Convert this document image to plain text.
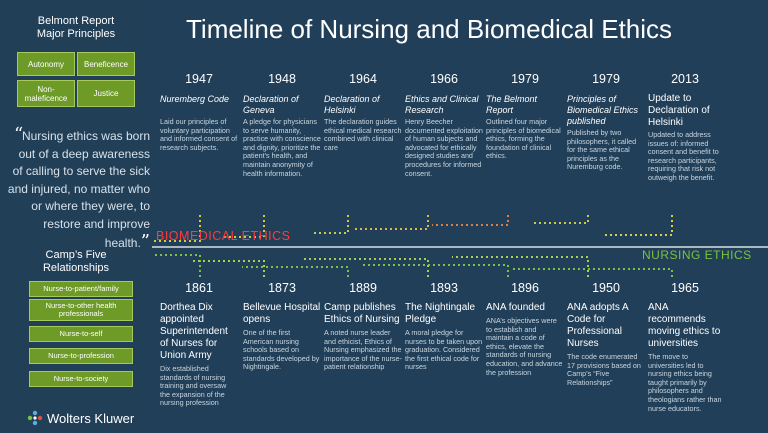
Belmont Report
Major Principles
Autonomy	Beneficence
Non-maleficence	Justice
“
Nursing ethics was born out of a deep awareness of calling to serve the sick and injured, no matter who or where they were, to restore and improve health.”
Camp’s Five
Relationships
Nurse-to-patient/family
Nurse-to-other health professionals
Nurse-to-self
Nurse-to-profession
Nurse-to-society
Wolters Kluwer
Timeline of Nursing and Biomedical Ethics
BIOMEDICAL ETHICS
NURSING ETHICS
1947
Nuremberg Code
Laid our principles of voluntary participation and informed consent of research subjects.
1948
Declaration of Geneva
A pledge for physicians to serve humanity, practice with conscience and dignity, prioritize the patient’s health, and maintain anonymity of health information.
1964
Declaration of Helsinki
The declaration guides ethical medical research combined with clinical care
1966
Ethics and Clinical Research
Henry Beecher documented exploitation of human subjects and advocated for ethically designed studies and procedures for informed consent.
1979
The Belmont Report
Outlined four major principles of biomedical ethics, forming the foundation of clinical ethics.
1979
Principles of Biomedical Ethics published
Published by two philosophers, it called for the same ethical principles as the Nuremburg code.
2013
Update to Declaration of Helsinki
Updated to address issues of: informed consent and benefit to research participants, requiring that risk not outweigh the benefit.
1861
Dorthea Dix appointed Superintendent of Nurses for Union Army
Dix established standards of nursing training and oversaw the expansion of the nursing profession
1873
Bellevue Hospital opens
One of the first American nursing schools based on standards developed by Nightingale.
1889
Camp publishes Ethics of Nursing
A noted nurse leader and ethicist, Ethics of Nursing emphasized the importance of the nurse-patient relationship
1893
The Nightingale Pledge
A moral pledge for nurses to be taken upon graduation. Considered the first ethical code for nurses
1896
ANA founded
ANA’s objectives were to establish and maintain a code of ethics, elevate the standards of nursing education, and advance the profession
1950
ANA adopts A Code for Professional Nurses
The code enumerated 17 provisions based on Camp’s “Five Relationships”
1965
ANA recommends moving ethics to universities
The move to universities led to nursing ethics being taught primarily by philosophers and theologians rather than nurse educators.
